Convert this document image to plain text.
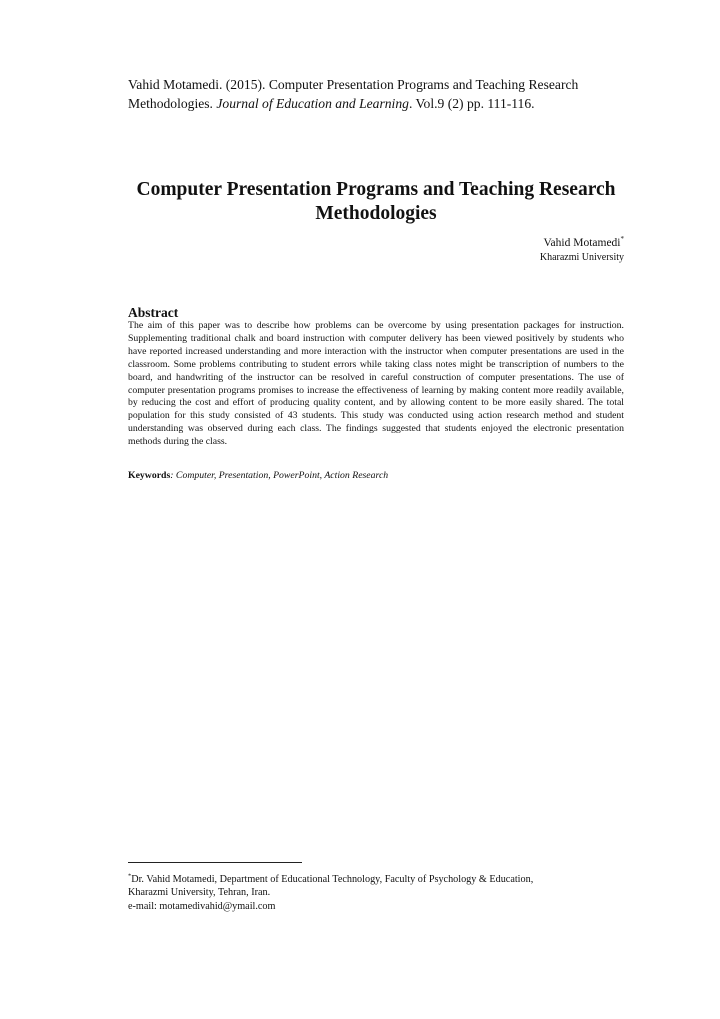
Vahid Motamedi. (2015). Computer Presentation Programs and Teaching Research Methodologies. Journal of Education and Learning. Vol.9 (2) pp. 111-116.
Computer Presentation Programs and Teaching Research
Methodologies
Vahid Motamedi*
Kharazmi University
Abstract
The aim of this paper was to describe how problems can be overcome by using presentation packages for instruction. Supplementing traditional chalk and board instruction with computer delivery has been viewed positively by students who have reported increased understanding and more interaction with the instructor when computer presentations are used in the classroom. Some problems contributing to student errors while taking class notes might be transcription of numbers to the board, and handwriting of the instructor can be resolved in careful construction of computer presentations. The use of computer presentation programs promises to increase the effectiveness of learning by making content more readily available, by reducing the cost and effort of producing quality content, and by allowing content to be more easily shared. The total population for this study consisted of 43 students. This study was conducted using action research method and student understanding was observed during each class. The findings suggested that students enjoyed the electronic presentation methods during the class.
Keywords: Computer, Presentation, PowerPoint, Action Research
*Dr. Vahid Motamedi, Department of Educational Technology, Faculty of Psychology & Education,
Kharazmi University, Tehran, Iran.
e-mail: motamedivahid@ymail.com
